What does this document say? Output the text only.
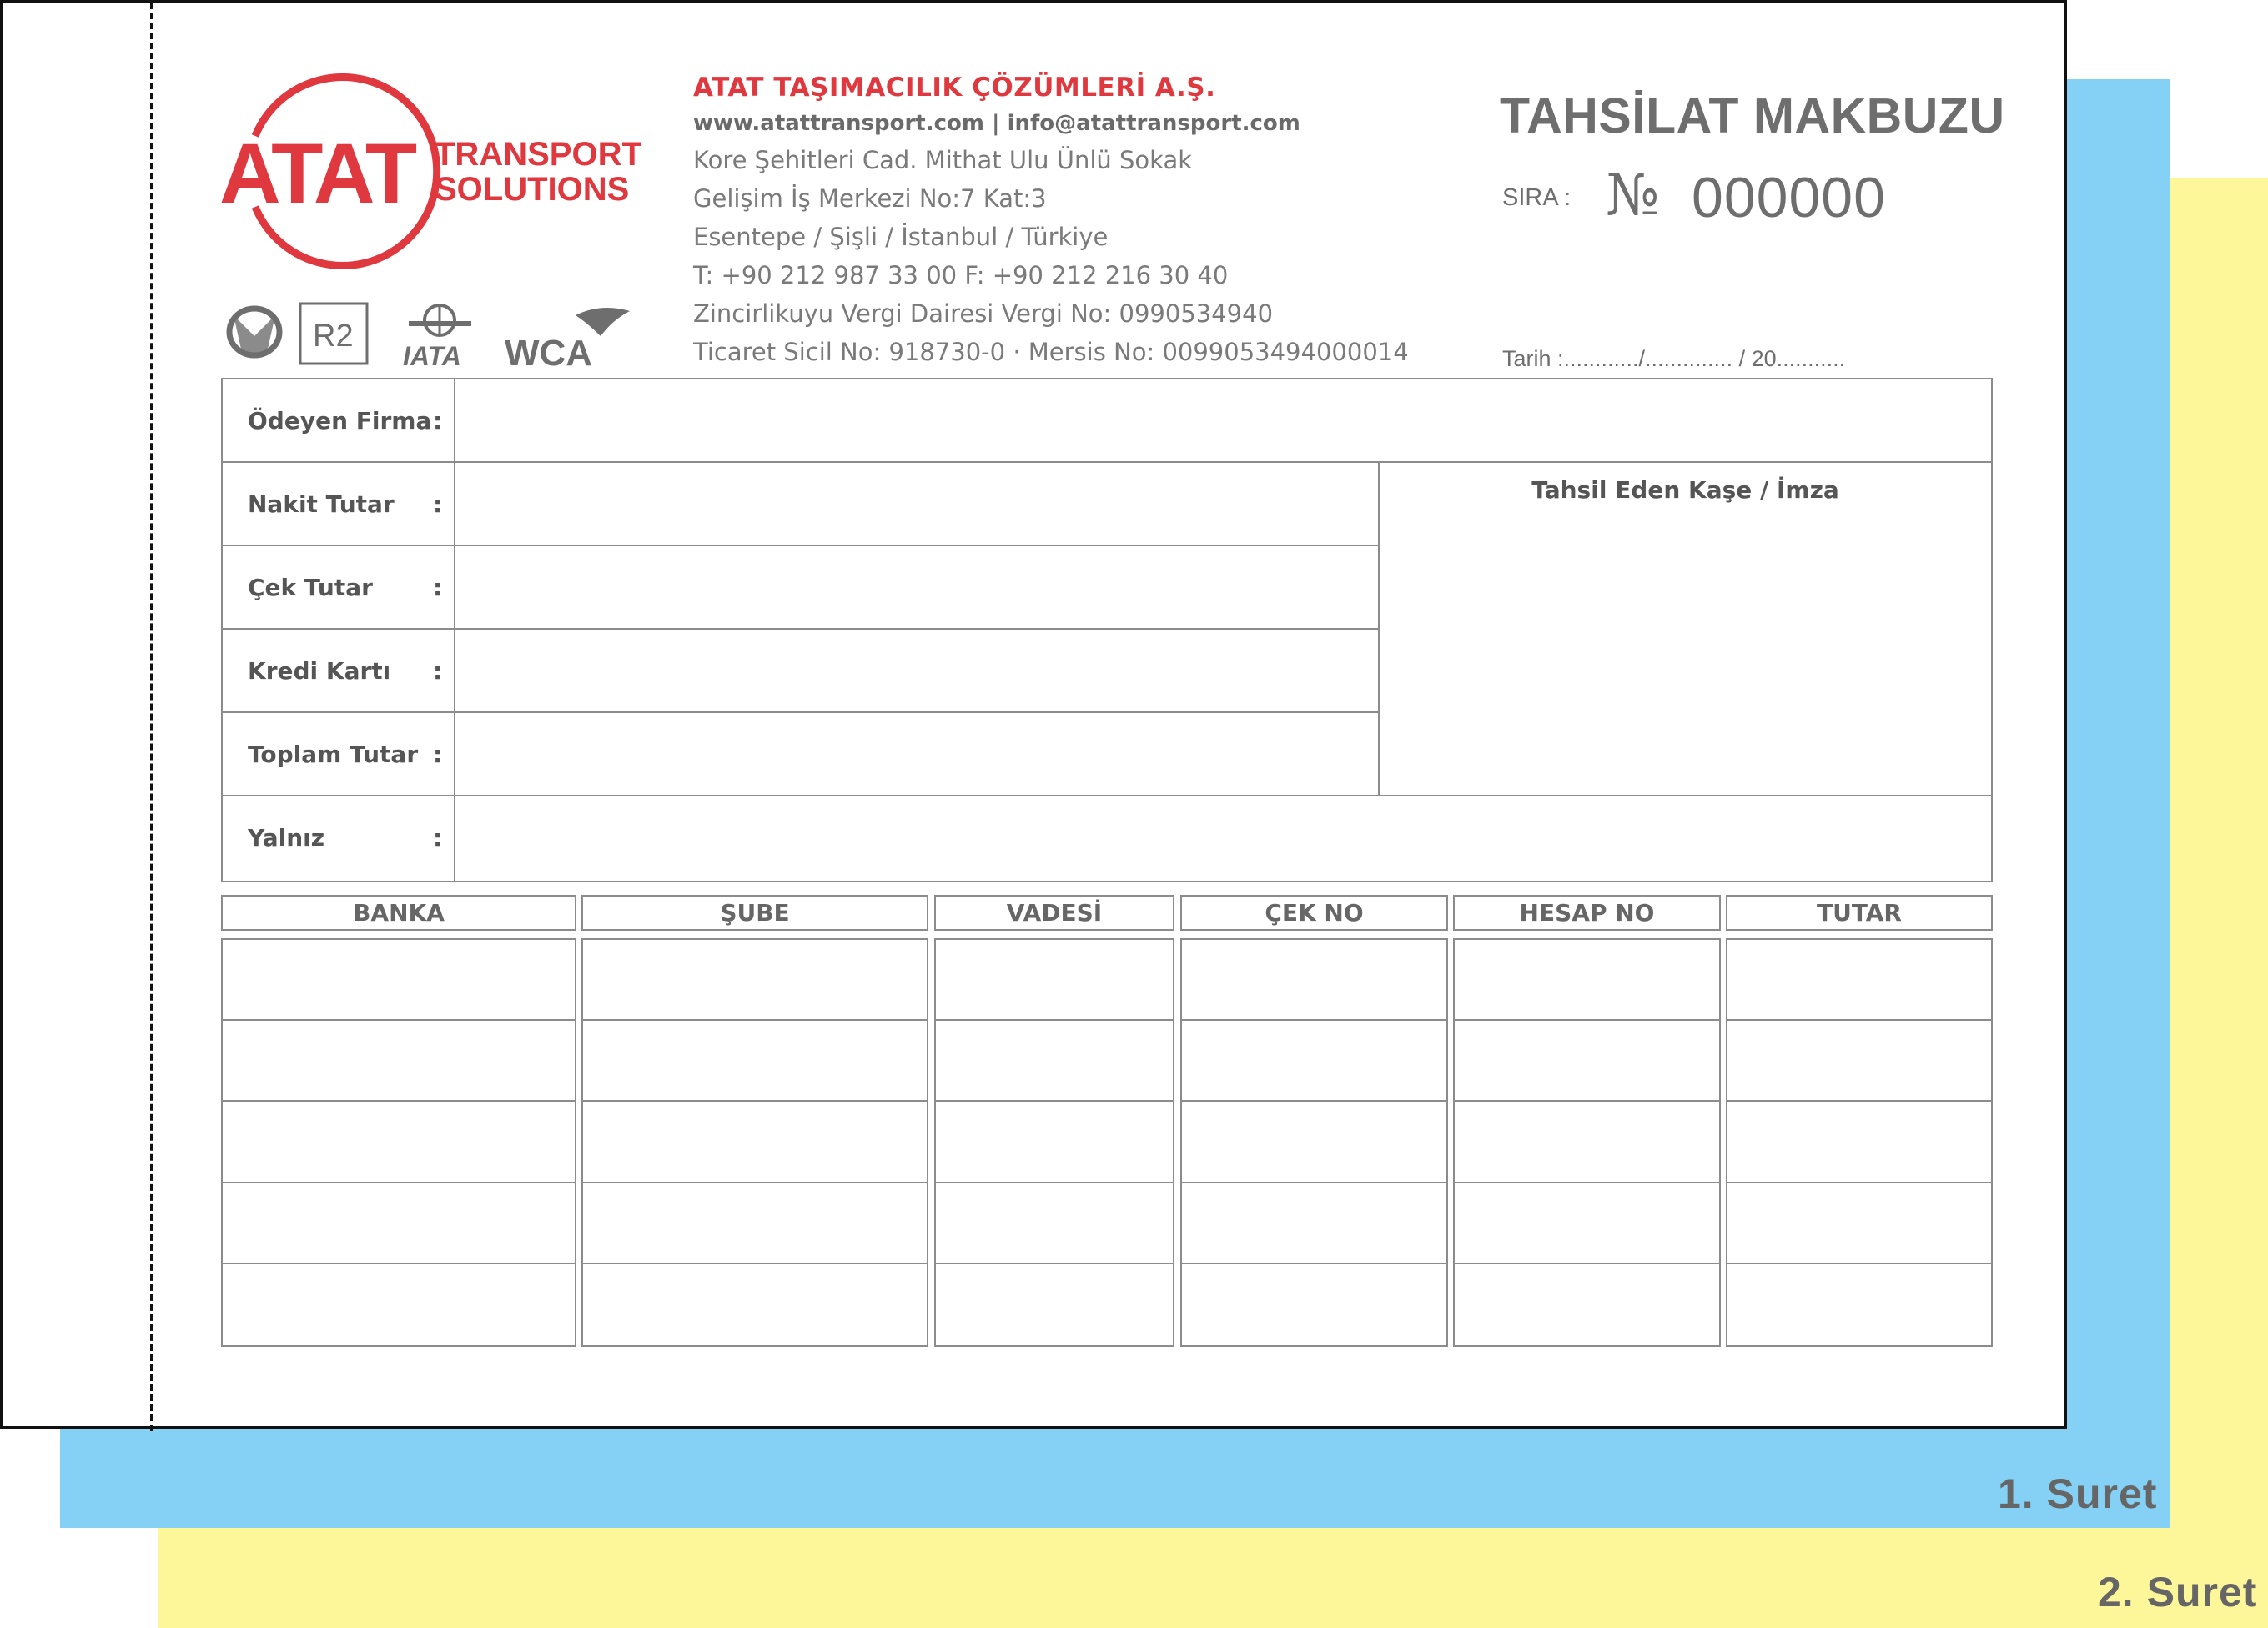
1. Suret
2. Suret
ATAT TRANSPORT
SOLUTIONS
R2
IATA WCA
ATAT TAŞIMACILIK ÇÖZÜMLERİ A.Ş.
www.atattransport.com | info@atattransport.com
Kore Şehitleri Cad. Mithat Ulu Ünlü Sokak
Gelişim İş Merkezi No:7 Kat:3
Esentepe / Şişli / İstanbul / Türkiye
T: +90 212 987 33 00 F: +90 212 216 30 40
Zincirlikuyu Vergi Dairesi Vergi No: 0990534940
Ticaret Sicil No: 918730-0 · Mersis No: 0099053494000014
TAHSİLAT MAKBUZU
SIRA : № 000000
Tarih :............/.............. / 20...........
Ödeyen Firma :
Nakit Tutar :
Çek Tutar	:
Kredi Kartı :
Toplam Tutar :
Yalnız	:
Tahsil Eden Kaşe / İmza
BANKA	ŞUBE	VADESİ	ÇEK NO	HESAP NO	TUTAR
